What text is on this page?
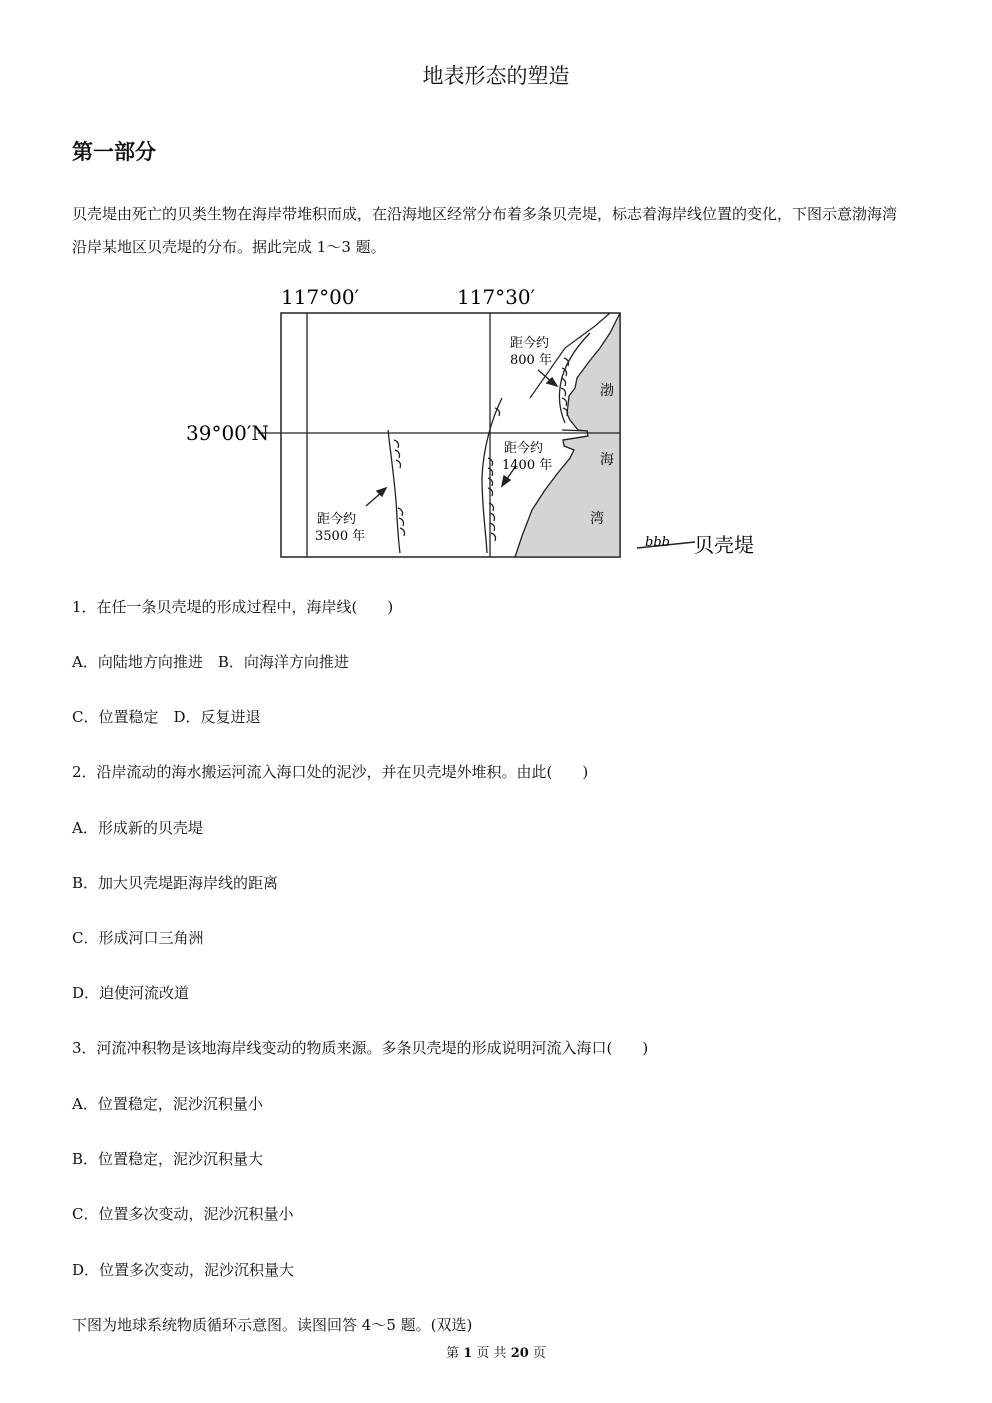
地表形态的塑造
第一部分
贝壳堤由死亡的贝类生物在海岸带堆积而成，在沿海地区经常分布着多条贝壳堤，标志着海岸线位置的变化，下图示意渤海湾沿岸某地区贝壳堤的分布。据此完成 1～3 题。
117°00′	117°30′
39°00′N
距今约
3500 年
距今约
1400 年
距今约
800 年
渤
海
湾
bbb 贝壳堤
1．在任一条贝壳堤的形成过程中，海岸线(　　)
A．向陆地方向推进　B．向海洋方向推进
C．位置稳定　D．反复进退
2．沿岸流动的海水搬运河流入海口处的泥沙，并在贝壳堤外堆积。由此(　　)
A．形成新的贝壳堤
B．加大贝壳堤距海岸线的距离
C．形成河口三角洲
D．迫使河流改道
3．河流冲积物是该地海岸线变动的物质来源。多条贝壳堤的形成说明河流入海口(　　)
A．位置稳定，泥沙沉积量小
B．位置稳定，泥沙沉积量大
C．位置多次变动，泥沙沉积量小
D．位置多次变动，泥沙沉积量大
下图为地球系统物质循环示意图。读图回答 4～5 题。(双选)
第 1 页 共 20 页
